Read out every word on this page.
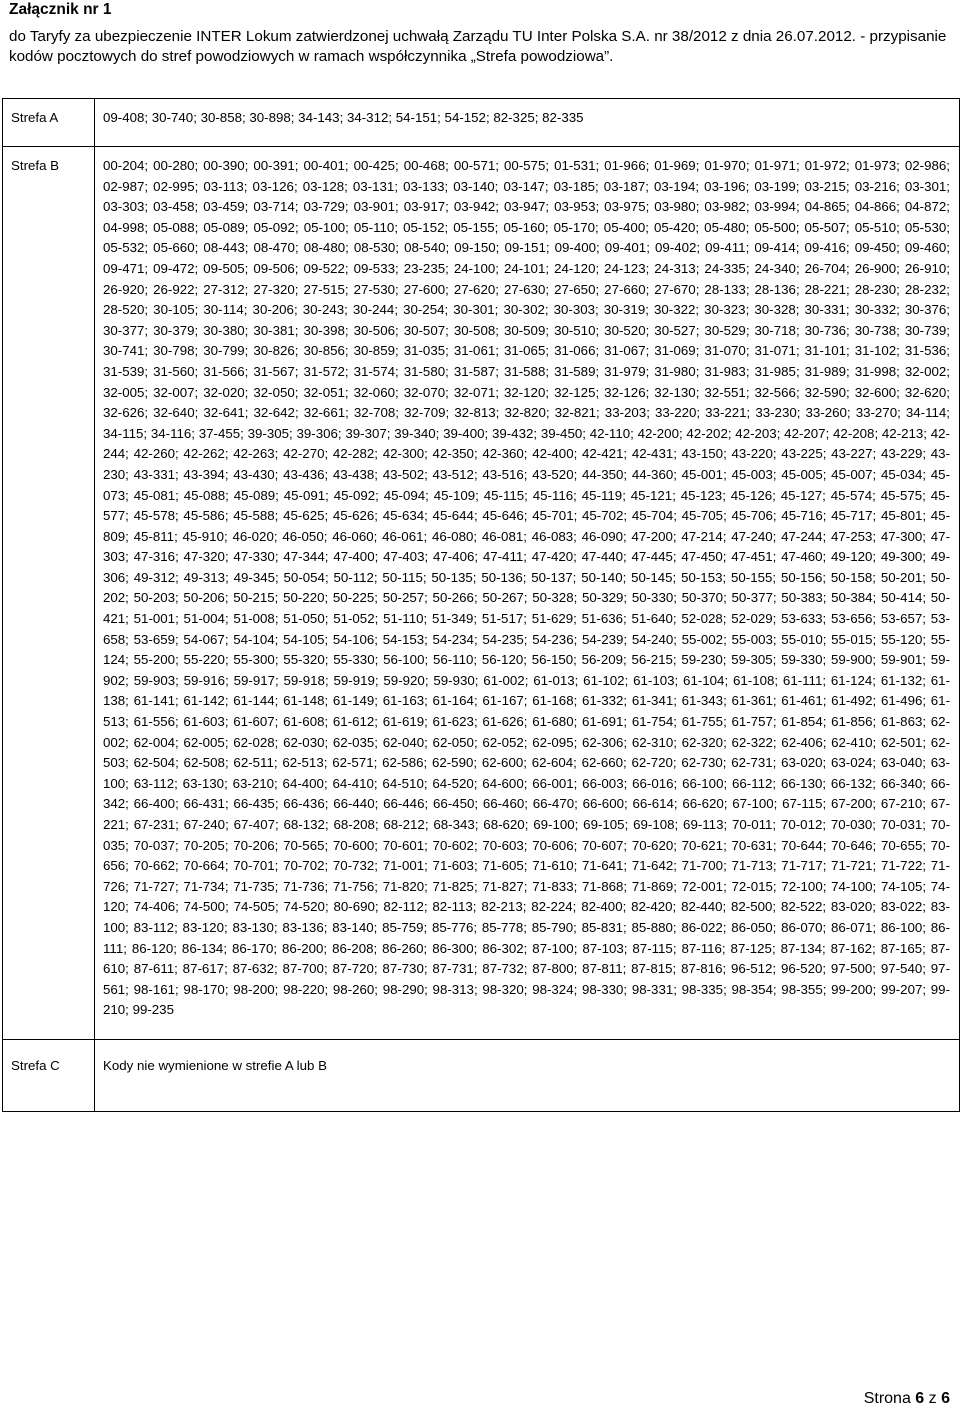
Załącznik nr 1
do Taryfy za ubezpieczenie INTER Lokum zatwierdzonej uchwałą Zarządu TU Inter Polska S.A. nr 38/2012 z dnia 26.07.2012. - przypisanie kodów pocztowych do stref powodziowych w ramach współczynnika „Strefa powodziowa”.
Strefa A	09-408; 30-740; 30-858; 30-898; 34-143; 34-312; 54-151; 54-152; 82-325; 82-335
Strefa B	00-204; 00-280; 00-390; 00-391; 00-401; 00-425; 00-468; 00-571; 00-575; 01-531; 01-966; 01-969; 01-970; 01-971; 01-972; 01-973; 02-986; 02-987; 02-995; 03-113; 03-126; 03-128; 03-131; 03-133; 03-140; 03-147; 03-185; 03-187; 03-194; 03-196; 03-199; 03-215; 03-216; 03-301; 03-303; 03-458; 03-459; 03-714; 03-729; 03-901; 03-917; 03-942; 03-947; 03-953; 03-975; 03-980; 03-982; 03-994; 04-865; 04-866; 04-872; 04-998; 05-088; 05-089; 05-092; 05-100; 05-110; 05-152; 05-155; 05-160; 05-170; 05-400; 05-420; 05-480; 05-500; 05-507; 05-510; 05-530; 05-532; 05-660; 08-443; 08-470; 08-480; 08-530; 08-540; 09-150; 09-151; 09-400; 09-401; 09-402; 09-411; 09-414; 09-416; 09-450; 09-460; 09-471; 09-472; 09-505; 09-506; 09-522; 09-533; 23-235; 24-100; 24-101; 24-120; 24-123; 24-313; 24-335; 24-340; 26-704; 26-900; 26-910; 26-920; 26-922; 27-312; 27-320; 27-515; 27-530; 27-600; 27-620; 27-630; 27-650; 27-660; 27-670; 28-133; 28-136; 28-221; 28-230; 28-232; 28-520; 30-105; 30-114; 30-206; 30-243; 30-244; 30-254; 30-301; 30-302; 30-303; 30-319; 30-322; 30-323; 30-328; 30-331; 30-332; 30-376; 30-377; 30-379; 30-380; 30-381; 30-398; 30-506; 30-507; 30-508; 30-509; 30-510; 30-520; 30-527; 30-529; 30-718; 30-736; 30-738; 30-739; 30-741; 30-798; 30-799; 30-826; 30-856; 30-859; 31-035; 31-061; 31-065; 31-066; 31-067; 31-069; 31-070; 31-071; 31-101; 31-102; 31-536; 31-539; 31-560; 31-566; 31-567; 31-572; 31-574; 31-580; 31-587; 31-588; 31-589; 31-979; 31-980; 31-983; 31-985; 31-989; 31-998; 32-002; 32-005; 32-007; 32-020; 32-050; 32-051; 32-060; 32-070; 32-071; 32-120; 32-125; 32-126; 32-130; 32-551; 32-566; 32-590; 32-600; 32-620; 32-626; 32-640; 32-641; 32-642; 32-661; 32-708; 32-709; 32-813; 32-820; 32-821; 33-203; 33-220; 33-221; 33-230; 33-260; 33-270; 34-114; 34-115; 34-116; 37-455; 39-305; 39-306; 39-307; 39-340; 39-400; 39-432; 39-450; 42-110; 42-200; 42-202; 42-203; 42-207; 42-208; 42-213; 42-244; 42-260; 42-262; 42-263; 42-270; 42-282; 42-300; 42-350; 42-360; 42-400; 42-421; 42-431; 43-150; 43-220; 43-225; 43-227; 43-229; 43-230; 43-331; 43-394; 43-430; 43-436; 43-438; 43-502; 43-512; 43-516; 43-520; 44-350; 44-360; 45-001; 45-003; 45-005; 45-007; 45-034; 45-073; 45-081; 45-088; 45-089; 45-091; 45-092; 45-094; 45-109; 45-115; 45-116; 45-119; 45-121; 45-123; 45-126; 45-127; 45-574; 45-575; 45-577; 45-578; 45-586; 45-588; 45-625; 45-626; 45-634; 45-644; 45-646; 45-701; 45-702; 45-704; 45-705; 45-706; 45-716; 45-717; 45-801; 45-809; 45-811; 45-910; 46-020; 46-050; 46-060; 46-061; 46-080; 46-081; 46-083; 46-090; 47-200; 47-214; 47-240; 47-244; 47-253; 47-300; 47-303; 47-316; 47-320; 47-330; 47-344; 47-400; 47-403; 47-406; 47-411; 47-420; 47-440; 47-445; 47-450; 47-451; 47-460; 49-120; 49-300; 49-306; 49-312; 49-313; 49-345; 50-054; 50-112; 50-115; 50-135; 50-136; 50-137; 50-140; 50-145; 50-153; 50-155; 50-156; 50-158; 50-201; 50-202; 50-203; 50-206; 50-215; 50-220; 50-225; 50-257; 50-266; 50-267; 50-328; 50-329; 50-330; 50-370; 50-377; 50-383; 50-384; 50-414; 50-421; 51-001; 51-004; 51-008; 51-050; 51-052; 51-110; 51-349; 51-517; 51-629; 51-636; 51-640; 52-028; 52-029; 53-633; 53-656; 53-657; 53-658; 53-659; 54-067; 54-104; 54-105; 54-106; 54-153; 54-234; 54-235; 54-236; 54-239; 54-240; 55-002; 55-003; 55-010; 55-015; 55-120; 55-124; 55-200; 55-220; 55-300; 55-320; 55-330; 56-100; 56-110; 56-120; 56-150; 56-209; 56-215; 59-230; 59-305; 59-330; 59-900; 59-901; 59-902; 59-903; 59-916; 59-917; 59-918; 59-919; 59-920; 59-930; 61-002; 61-013; 61-102; 61-103; 61-104; 61-108; 61-111; 61-124; 61-132; 61-138; 61-141; 61-142; 61-144; 61-148; 61-149; 61-163; 61-164; 61-167; 61-168; 61-332; 61-341; 61-343; 61-361; 61-461; 61-492; 61-496; 61-513; 61-556; 61-603; 61-607; 61-608; 61-612; 61-619; 61-623; 61-626; 61-680; 61-691; 61-754; 61-755; 61-757; 61-854; 61-856; 61-863; 62-002; 62-004; 62-005; 62-028; 62-030; 62-035; 62-040; 62-050; 62-052; 62-095; 62-306; 62-310; 62-320; 62-322; 62-406; 62-410; 62-501; 62-503; 62-504; 62-508; 62-511; 62-513; 62-571; 62-586; 62-590; 62-600; 62-604; 62-660; 62-720; 62-730; 62-731; 63-020; 63-024; 63-040; 63-100; 63-112; 63-130; 63-210; 64-400; 64-410; 64-510; 64-520; 64-600; 66-001; 66-003; 66-016; 66-100; 66-112; 66-130; 66-132; 66-340; 66-342; 66-400; 66-431; 66-435; 66-436; 66-440; 66-446; 66-450; 66-460; 66-470; 66-600; 66-614; 66-620; 67-100; 67-115; 67-200; 67-210; 67-221; 67-231; 67-240; 67-407; 68-132; 68-208; 68-212; 68-343; 68-620; 69-100; 69-105; 69-108; 69-113; 70-011; 70-012; 70-030; 70-031; 70-035; 70-037; 70-205; 70-206; 70-565; 70-600; 70-601; 70-602; 70-603; 70-606; 70-607; 70-620; 70-621; 70-631; 70-644; 70-646; 70-655; 70-656; 70-662; 70-664; 70-701; 70-702; 70-732; 71-001; 71-603; 71-605; 71-610; 71-641; 71-642; 71-700; 71-713; 71-717; 71-721; 71-722; 71-726; 71-727; 71-734; 71-735; 71-736; 71-756; 71-820; 71-825; 71-827; 71-833; 71-868; 71-869; 72-001; 72-015; 72-100; 74-100; 74-105; 74-120; 74-406; 74-500; 74-505; 74-520; 80-690; 82-112; 82-113; 82-213; 82-224; 82-400; 82-420; 82-440; 82-500; 82-522; 83-020; 83-022; 83-100; 83-112; 83-120; 83-130; 83-136; 83-140; 85-759; 85-776; 85-778; 85-790; 85-831; 85-880; 86-022; 86-050; 86-070; 86-071; 86-100; 86-111; 86-120; 86-134; 86-170; 86-200; 86-208; 86-260; 86-300; 86-302; 87-100; 87-103; 87-115; 87-116; 87-125; 87-134; 87-162; 87-165; 87-610; 87-611; 87-617; 87-632; 87-700; 87-720; 87-730; 87-731; 87-732; 87-800; 87-811; 87-815; 87-816; 96-512; 96-520; 97-500; 97-540; 97-561; 98-161; 98-170; 98-200; 98-220; 98-260; 98-290; 98-313; 98-320; 98-324; 98-330; 98-331; 98-335; 98-354; 98-355; 99-200; 99-207; 99-210; 99-235
Strefa C	Kody nie wymienione w strefie A lub B
Strona 6 z 6
